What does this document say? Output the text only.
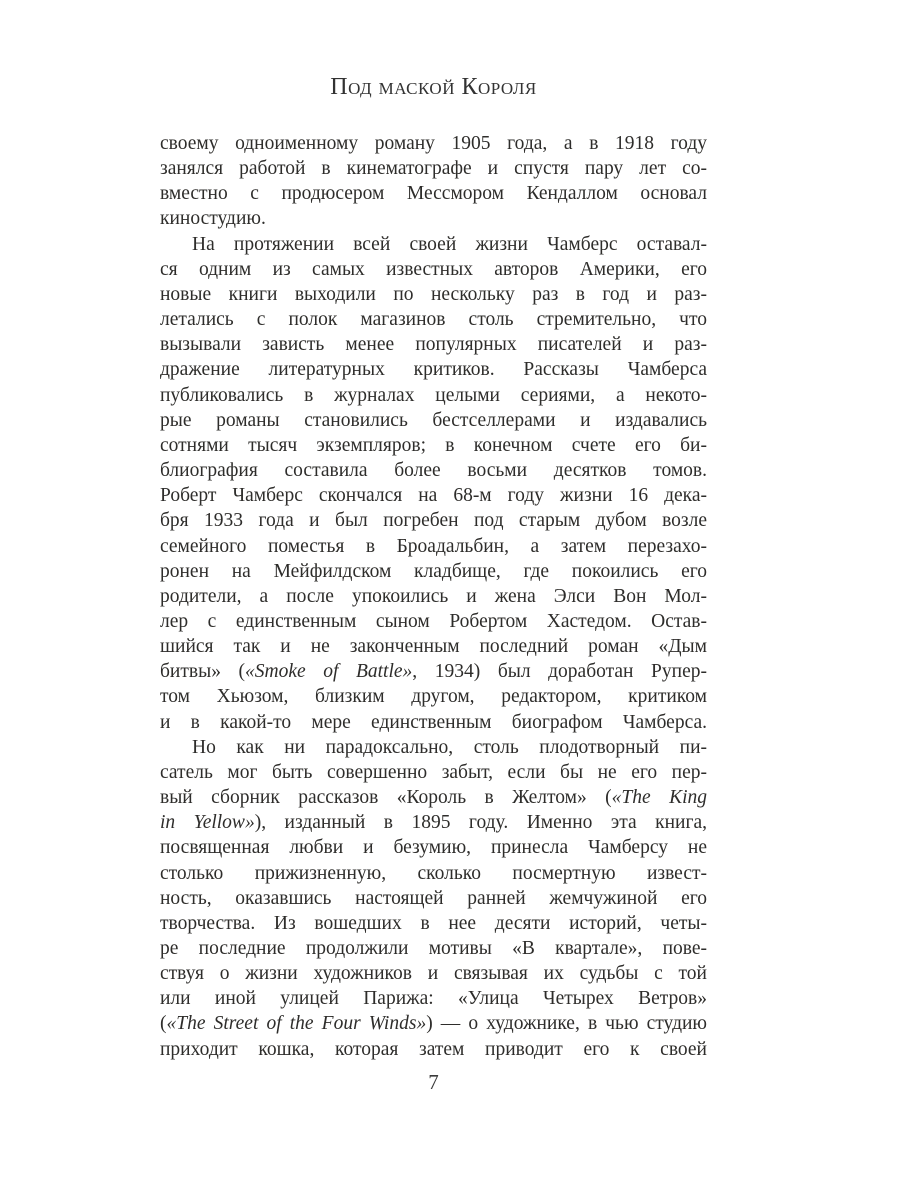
Под маской Короля
своему одноименному роману 1905 года, а в 1918 году
занялся работой в кинематографе и спустя пару лет со-
вместно с продюсером Мессмором Кендаллом основал
киностудию.
На протяжении всей своей жизни Чамберс оставал-
ся одним из самых известных авторов Америки, его
новые книги выходили по нескольку раз в год и раз-
летались с полок магазинов столь стремительно, что
вызывали зависть менее популярных писателей и раз-
дражение литературных критиков. Рассказы Чамберса
публиковались в журналах целыми сериями, а некото-
рые романы становились бестселлерами и издавались
сотнями тысяч экземпляров; в конечном счете его би-
блиография составила более восьми десятков томов.
Роберт Чамберс скончался на 68-м году жизни 16 дека-
бря 1933 года и был погребен под старым дубом возле
семейного поместья в Броадальбин, а затем перезахо-
ронен на Мейфилдском кладбище, где покоились его
родители, а после упокоились и жена Элси Вон Мол-
лер с единственным сыном Робертом Хастедом. Остав-
шийся так и не законченным последний роман «Дым
битвы» («Smoke of Battle», 1934) был доработан Рупер-
том Хьюзом, близким другом, редактором, критиком
и в какой-то мере единственным биографом Чамберса.
Но как ни парадоксально, столь плодотворный пи-
сатель мог быть совершенно забыт, если бы не его пер-
вый сборник рассказов «Король в Желтом» («The King
in Yellow»), изданный в 1895 году. Именно эта книга,
посвященная любви и безумию, принесла Чамберсу не
столько прижизненную, сколько посмертную извест-
ность, оказавшись настоящей ранней жемчужиной его
творчества. Из вошедших в нее десяти историй, четы-
ре последние продолжили мотивы «В квартале», пове-
ствуя о жизни художников и связывая их судьбы с той
или иной улицей Парижа: «Улица Четырех Ветров»
(«The Street of the Four Winds») — о художнике, в чью студию
приходит кошка, которая затем приводит его к своей
7
